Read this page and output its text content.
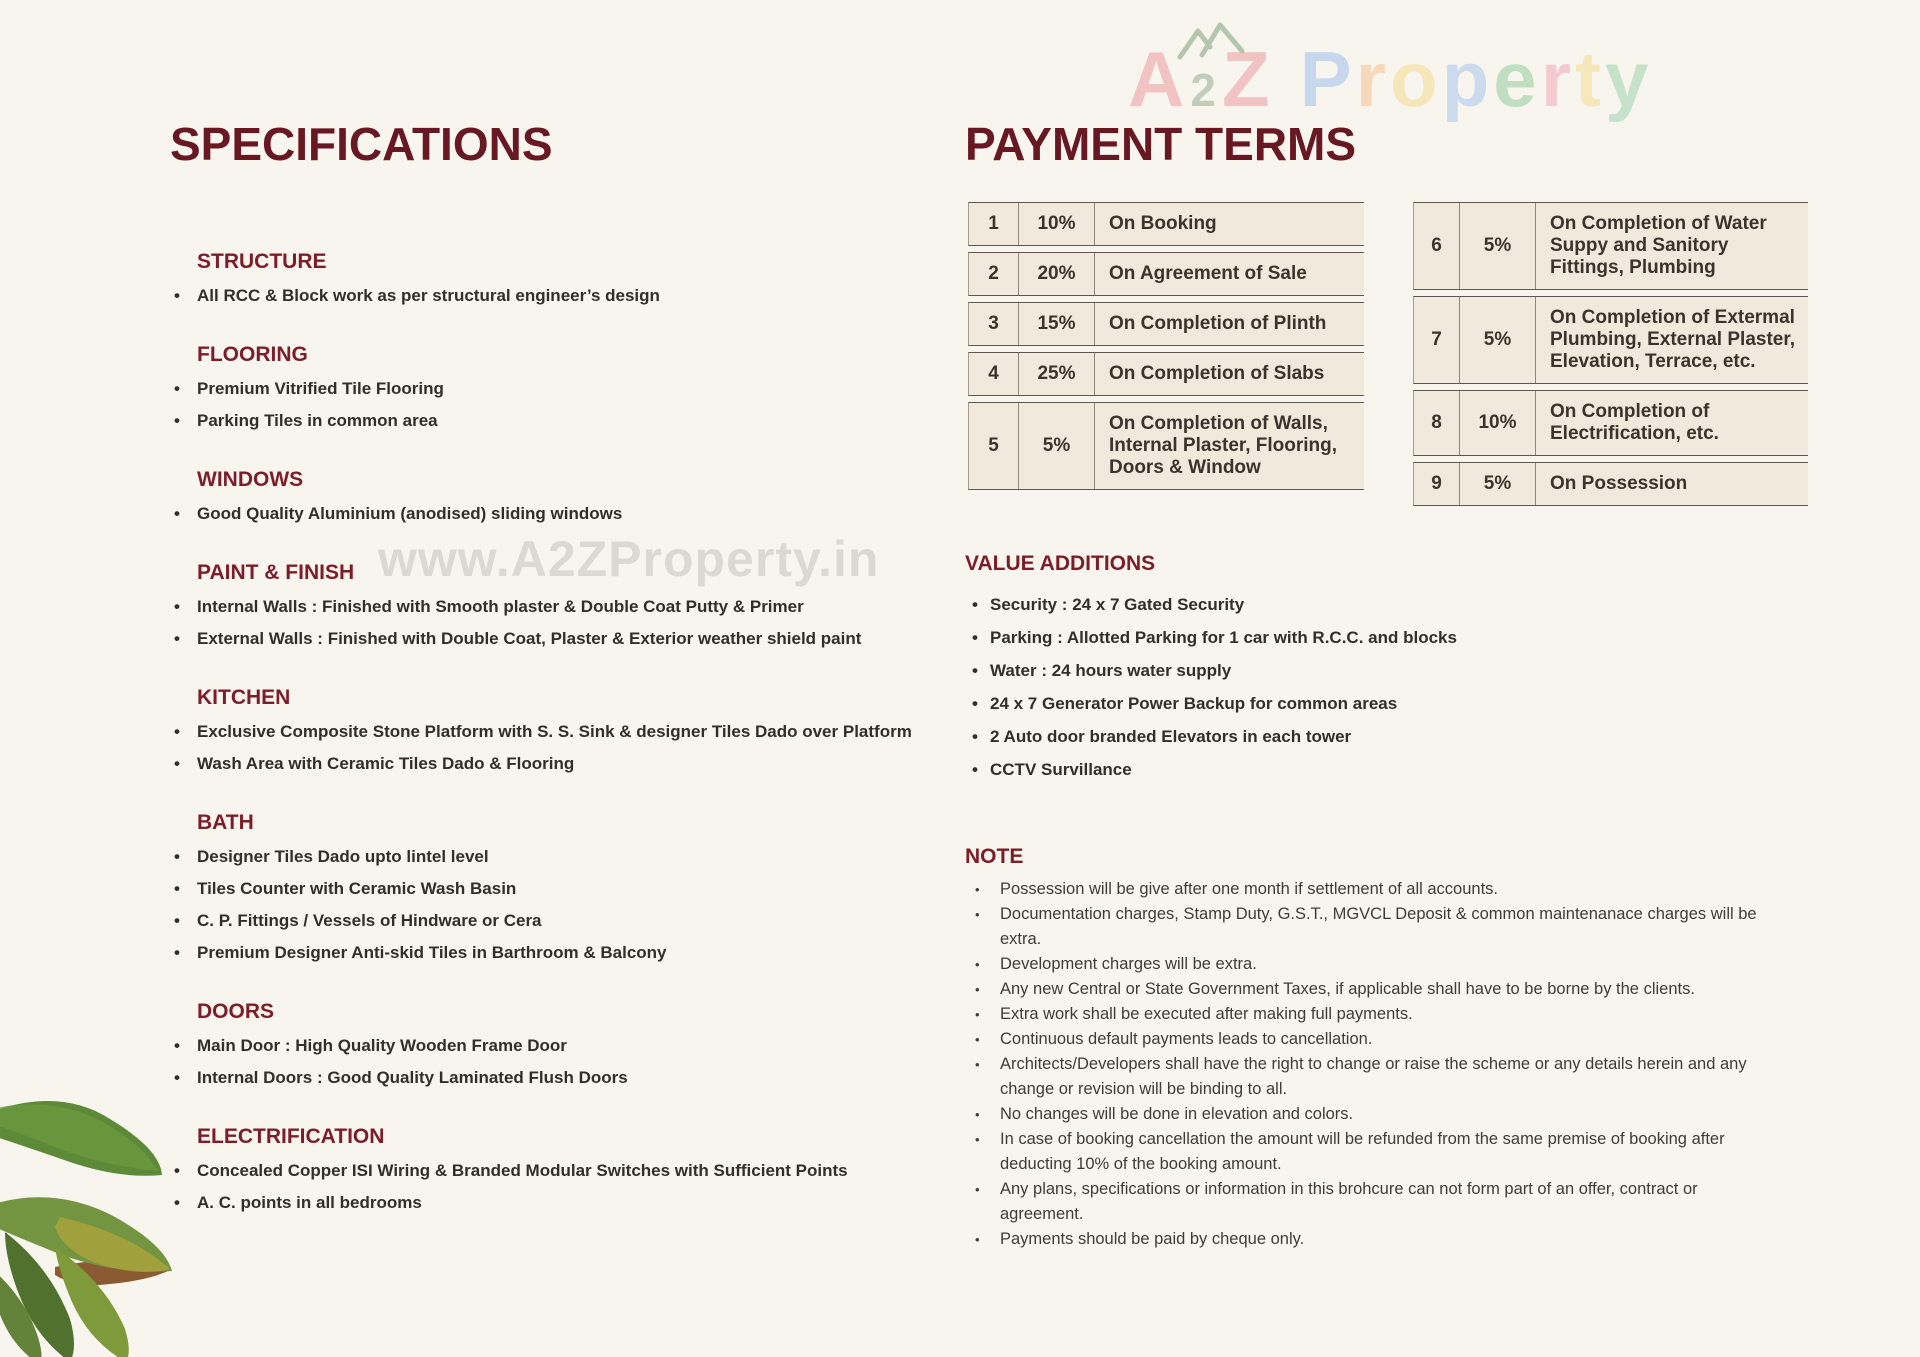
A 2 Z P r o p e r t y
www.A2ZProperty.in
SPECIFICATIONS
STRUCTURE
•
All RCC & Block work as per structural engineer’s design
FLOORING
•
Premium Vitrified Tile Flooring
•
Parking Tiles in common area
WINDOWS
•
Good Quality Aluminium (anodised) sliding windows
PAINT & FINISH
•
Internal Walls : Finished with Smooth plaster & Double Coat Putty & Primer
•
External Walls : Finished with Double Coat, Plaster & Exterior weather shield paint
KITCHEN
•
Exclusive Composite Stone Platform with S. S. Sink & designer Tiles Dado over Platform
•
Wash Area with Ceramic Tiles Dado & Flooring
BATH
•
Designer Tiles Dado upto lintel level
•
Tiles Counter with Ceramic Wash Basin
•
C. P. Fittings / Vessels of Hindware or Cera
•
Premium Designer Anti-skid Tiles in Barthroom & Balcony
DOORS
•
Main Door : High Quality Wooden Frame Door
•
Internal Doors : Good Quality Laminated Flush Doors
ELECTRIFICATION
•
Concealed Copper ISI Wiring & Branded Modular Switches with Sufficient Points
•
A. C. points in all bedrooms
PAYMENT TERMS
1	10%	On Booking
2	20%	On Agreement of Sale
3	15%	On Completion of Plinth
4	25%	On Completion of Slabs
5	5%
On Completion of Walls, Internal Plaster, Flooring, Doors & Window
6	5%
On Completion of Water Suppy and Sanitory Fittings, Plumbing
7	5%
On Completion of Extermal Plumbing, External Plaster, Elevation, Terrace, etc.
8	10%
On Completion of Electrification, etc.
9	5%	On Possession
VALUE ADDITIONS
•
Security : 24 x 7 Gated Security
•
Parking : Allotted Parking for 1 car with R.C.C. and blocks
•
Water : 24 hours water supply
•
24 x 7 Generator Power Backup for common areas
•
2 Auto door branded Elevators in each tower
•
CCTV Survillance
NOTE
•
Possession will be give after one month if settlement of all accounts.
•
Documentation charges, Stamp Duty, G.S.T., MGVCL Deposit & common maintenanace charges will be extra.
•
Development charges will be extra.
•
Any new Central or State Government Taxes, if applicable shall have to be borne by the clients.
•
Extra work shall be executed after making full payments.
•
Continuous default payments leads to cancellation.
•
Architects/Developers shall have the right to change or raise the scheme or any details herein and any change or revision will be binding to all.
•
No changes will be done in elevation and colors.
•
In case of booking cancellation the amount will be refunded from the same premise of booking after deducting 10% of the booking amount.
•
Any plans, specifications or information in this brohcure can not form part of an offer, contract or agreement.
•
Payments should be paid by cheque only.
